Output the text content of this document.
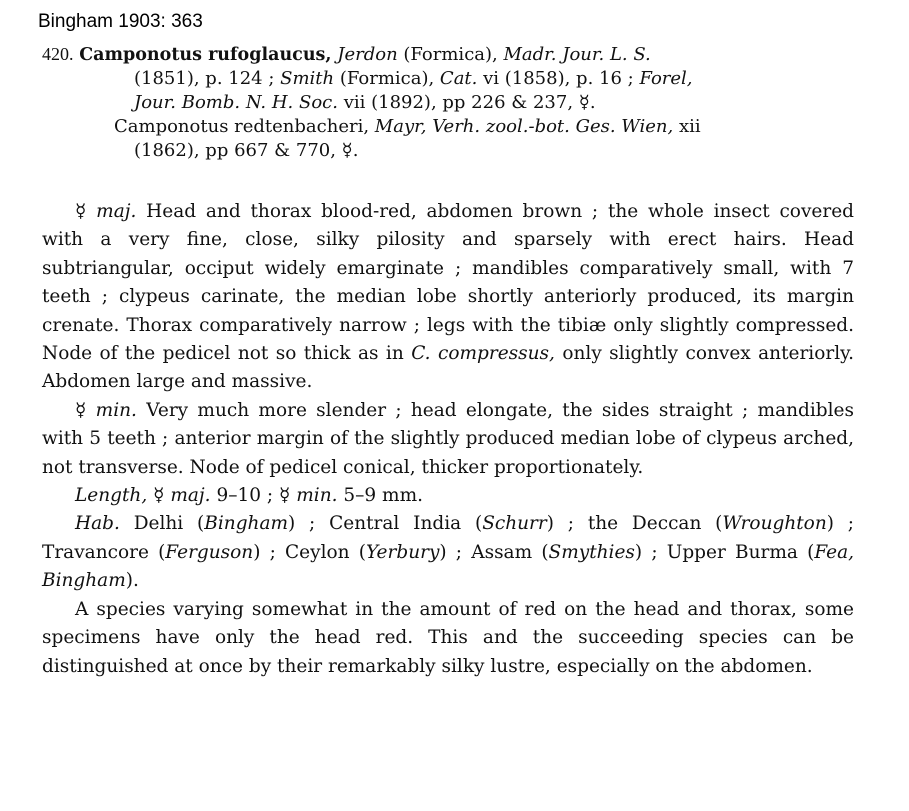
Bingham 1903: 363
420. Camponotus rufoglaucus, Jerdon (Formica), Madr. Jour. L. S.
(1851), p. 124 ; Smith (Formica), Cat. vi (1858), p. 16 ; Forel,
Jour. Bomb. N. H. Soc. vii (1892), pp 226 & 237, ☿.
Camponotus redtenbacheri, Mayr, Verh. zool.-bot. Ges. Wien, xii
(1862), pp 667 & 770, ☿.

☿ maj. Head and thorax blood-red, abdomen brown ; the whole insect covered with a very fine, close, silky pilosity and sparsely with erect hairs. Head subtriangular, occiput widely emarginate ; mandibles comparatively small, with 7 teeth ; clypeus carinate, the median lobe shortly anteriorly produced, its margin crenate. Thorax comparatively narrow ; legs with the tibiæ only slightly compressed. Node of the pedicel not so thick as in C. compressus, only slightly convex anteriorly. Abdomen large and massive.

☿ min. Very much more slender ; head elongate, the sides straight ; mandibles with 5 teeth ; anterior margin of the slightly produced median lobe of clypeus arched, not transverse. Node of pedicel conical, thicker proportionately.

Length, ☿ maj. 9–10 ; ☿ min. 5–9 mm.

Hab. Delhi (Bingham) ; Central India (Schurr) ; the Deccan (Wroughton) ; Travancore (Ferguson) ; Ceylon (Yerbury) ; Assam (Smythies) ; Upper Burma (Fea, Bingham).

A species varying somewhat in the amount of red on the head and thorax, some specimens have only the head red. This and the succeeding species can be distinguished at once by their remarkably silky lustre, especially on the abdomen.
